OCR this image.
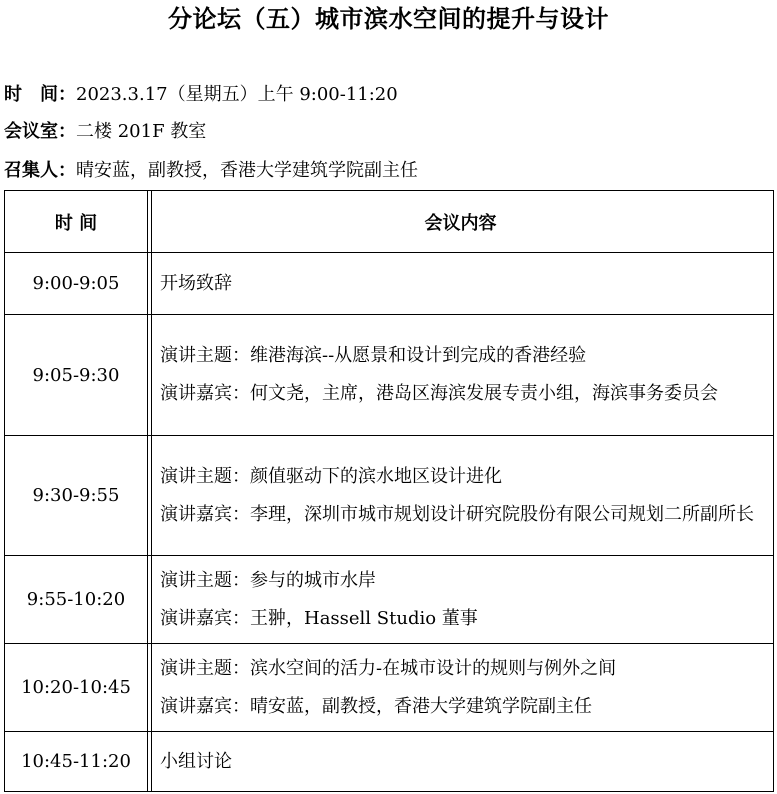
分论坛（五）城市滨水空间的提升与设计
时　间：2023.3.17（星期五）上午 9:00-11:20
会议室：二楼 201F 教室
召集人：晴安蓝，副教授，香港大学建筑学院副主任
时 间	会议内容
9:00-9:05	开场致辞

9:05-9:30	演讲主题：维港海滨--从愿景和设计到完成的香港经验
演讲嘉宾： 何文尧，主席，港岛区海滨发展专责小组，海滨事务委员会

9:30-9:55	演讲主题：颜值驱动下的滨水地区设计进化
演讲嘉宾： 李理，深圳市城市规划设计研究院股份有限公司规划二所副所长

9:55-10:20	演讲主题：参与的城市水岸
演讲嘉宾： 王翀，Hassell Studio 董事

10:20-10:45	演讲主题：滨水空间的活力-在城市设计的规则与例外之间
演讲嘉宾： 晴安蓝，副教授，香港大学建筑学院副主任

10:45-11:20	小组讨论
